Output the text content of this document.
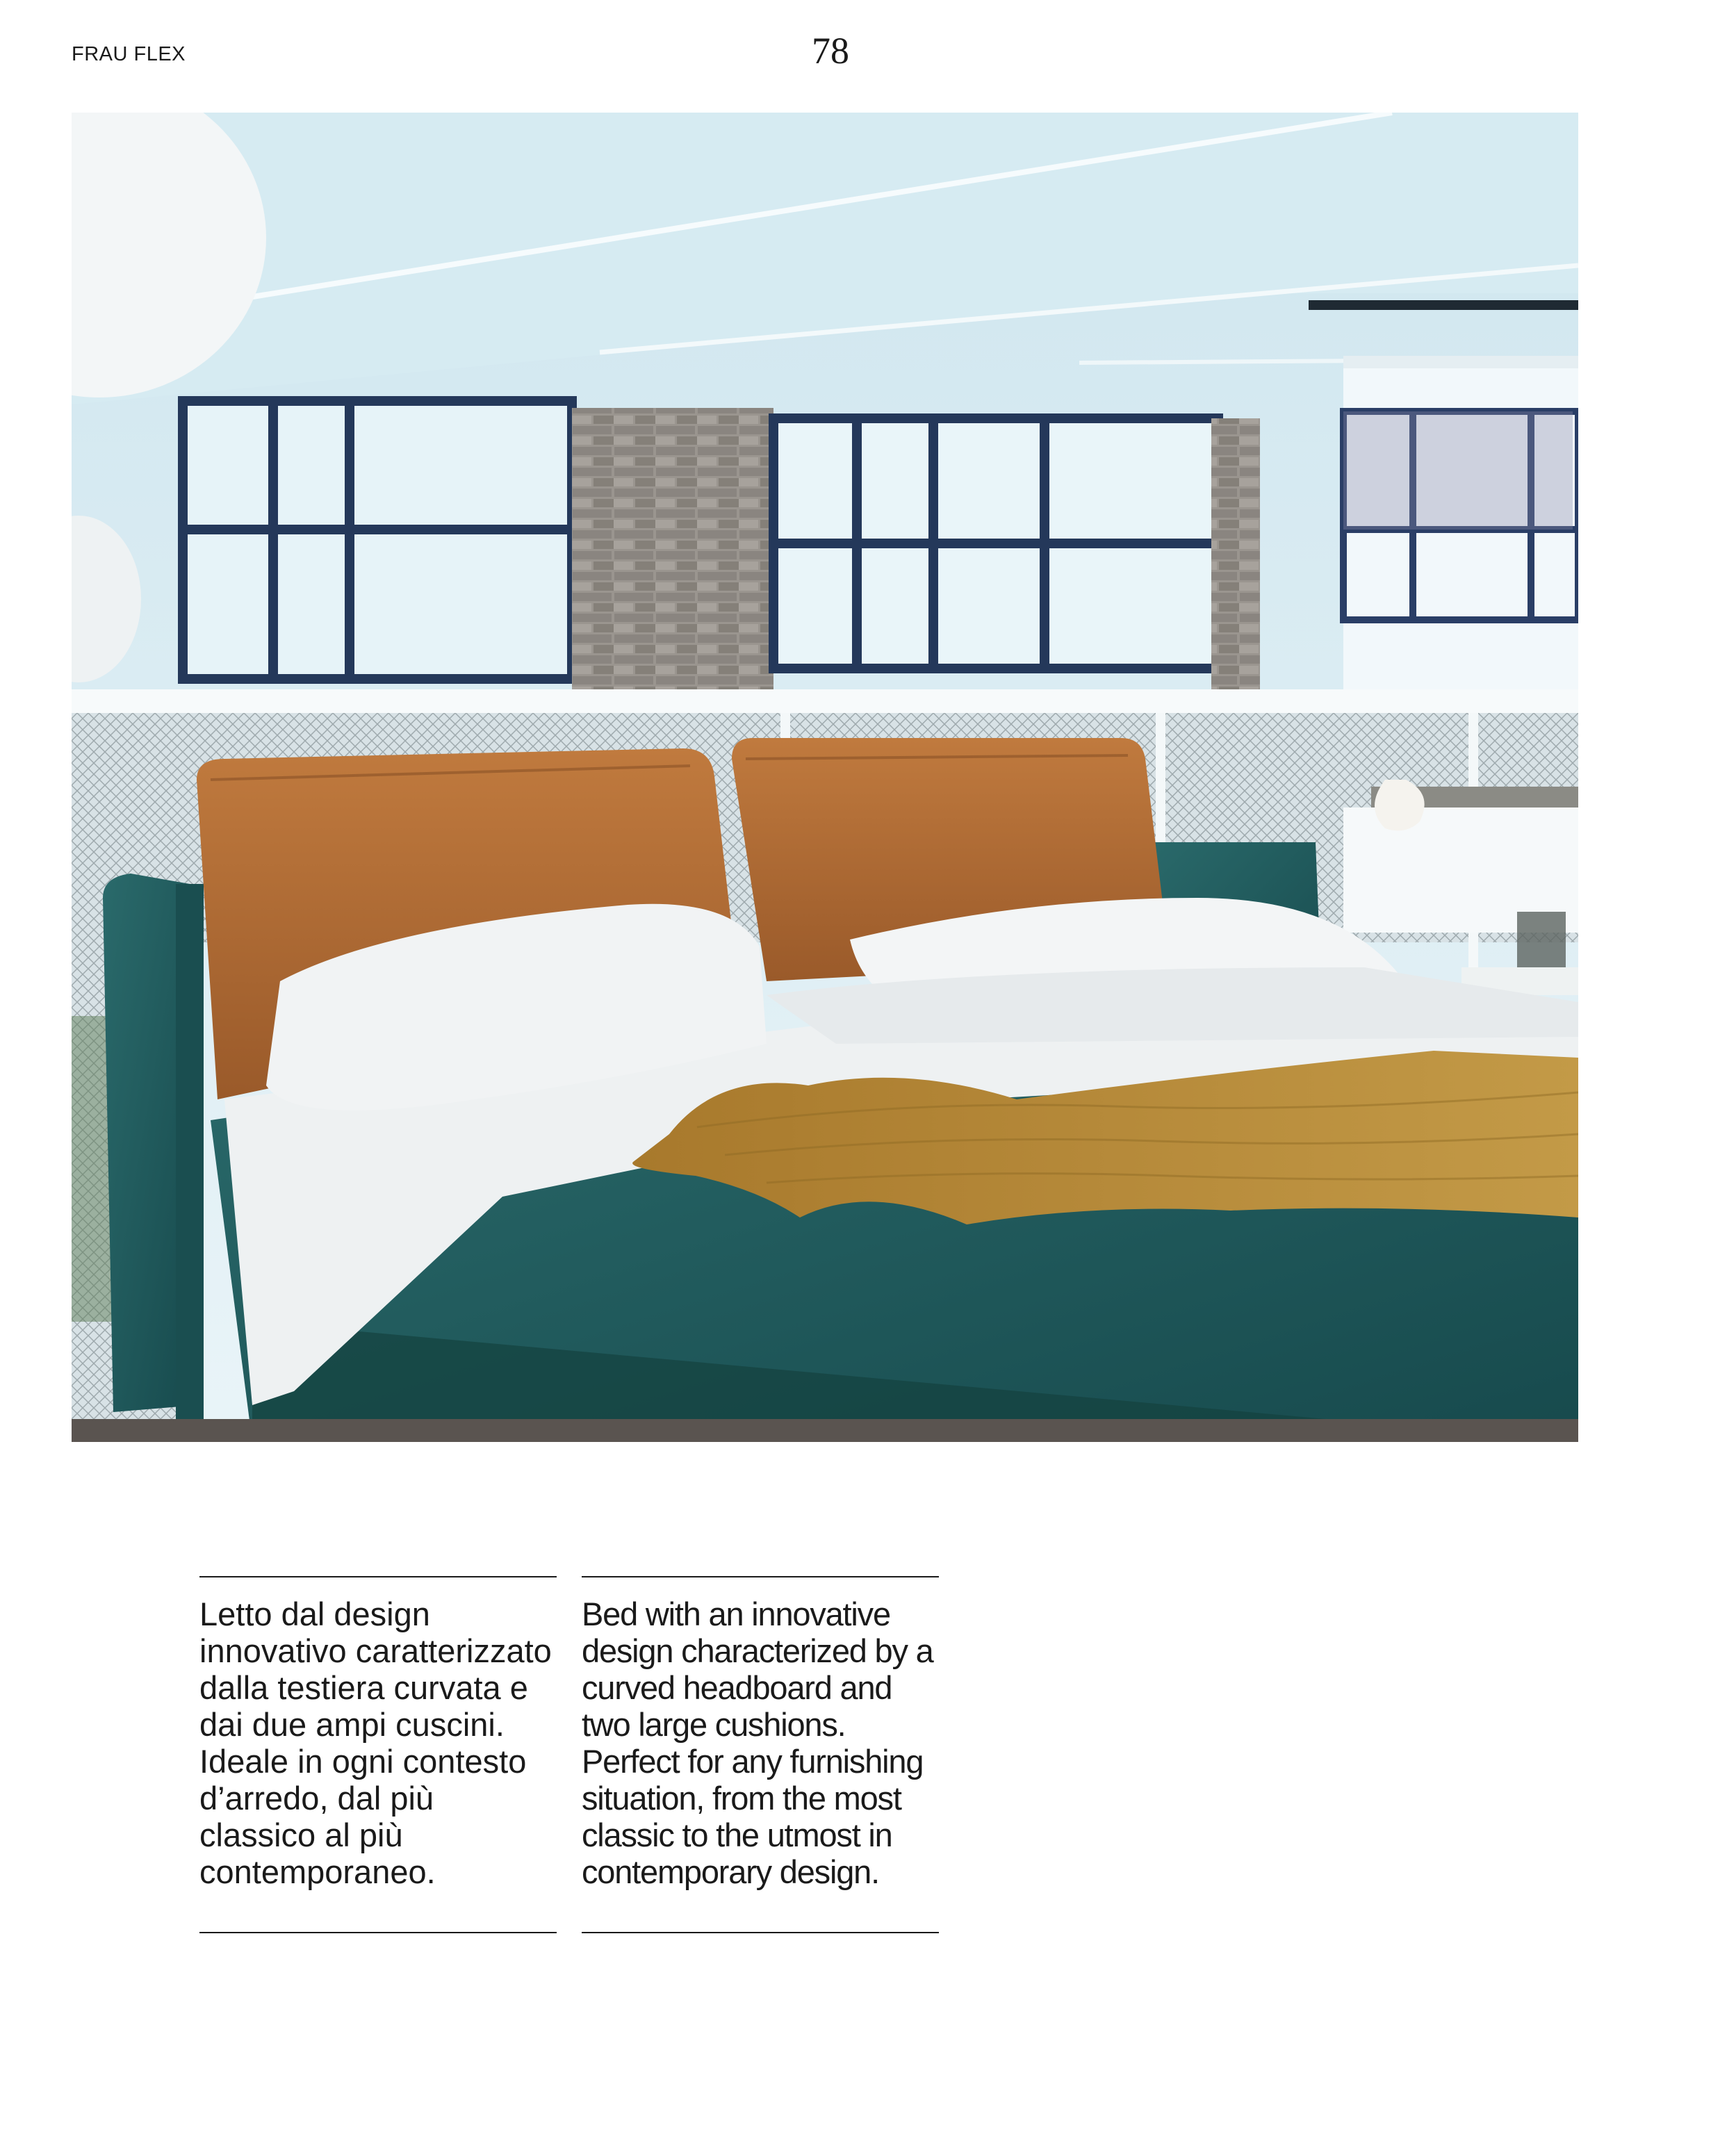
FRAU FLEX	78

Letto dal design innovativo caratterizzato dalla testiera curvata e dai due ampi cuscini. Ideale in ogni contesto d’arredo, dal più classico al più contemporaneo.

Bed with an innovative design characterized by a curved headboard and two large cushions. Perfect for any furnishing situation, from the most classic to the utmost in contemporary design.
